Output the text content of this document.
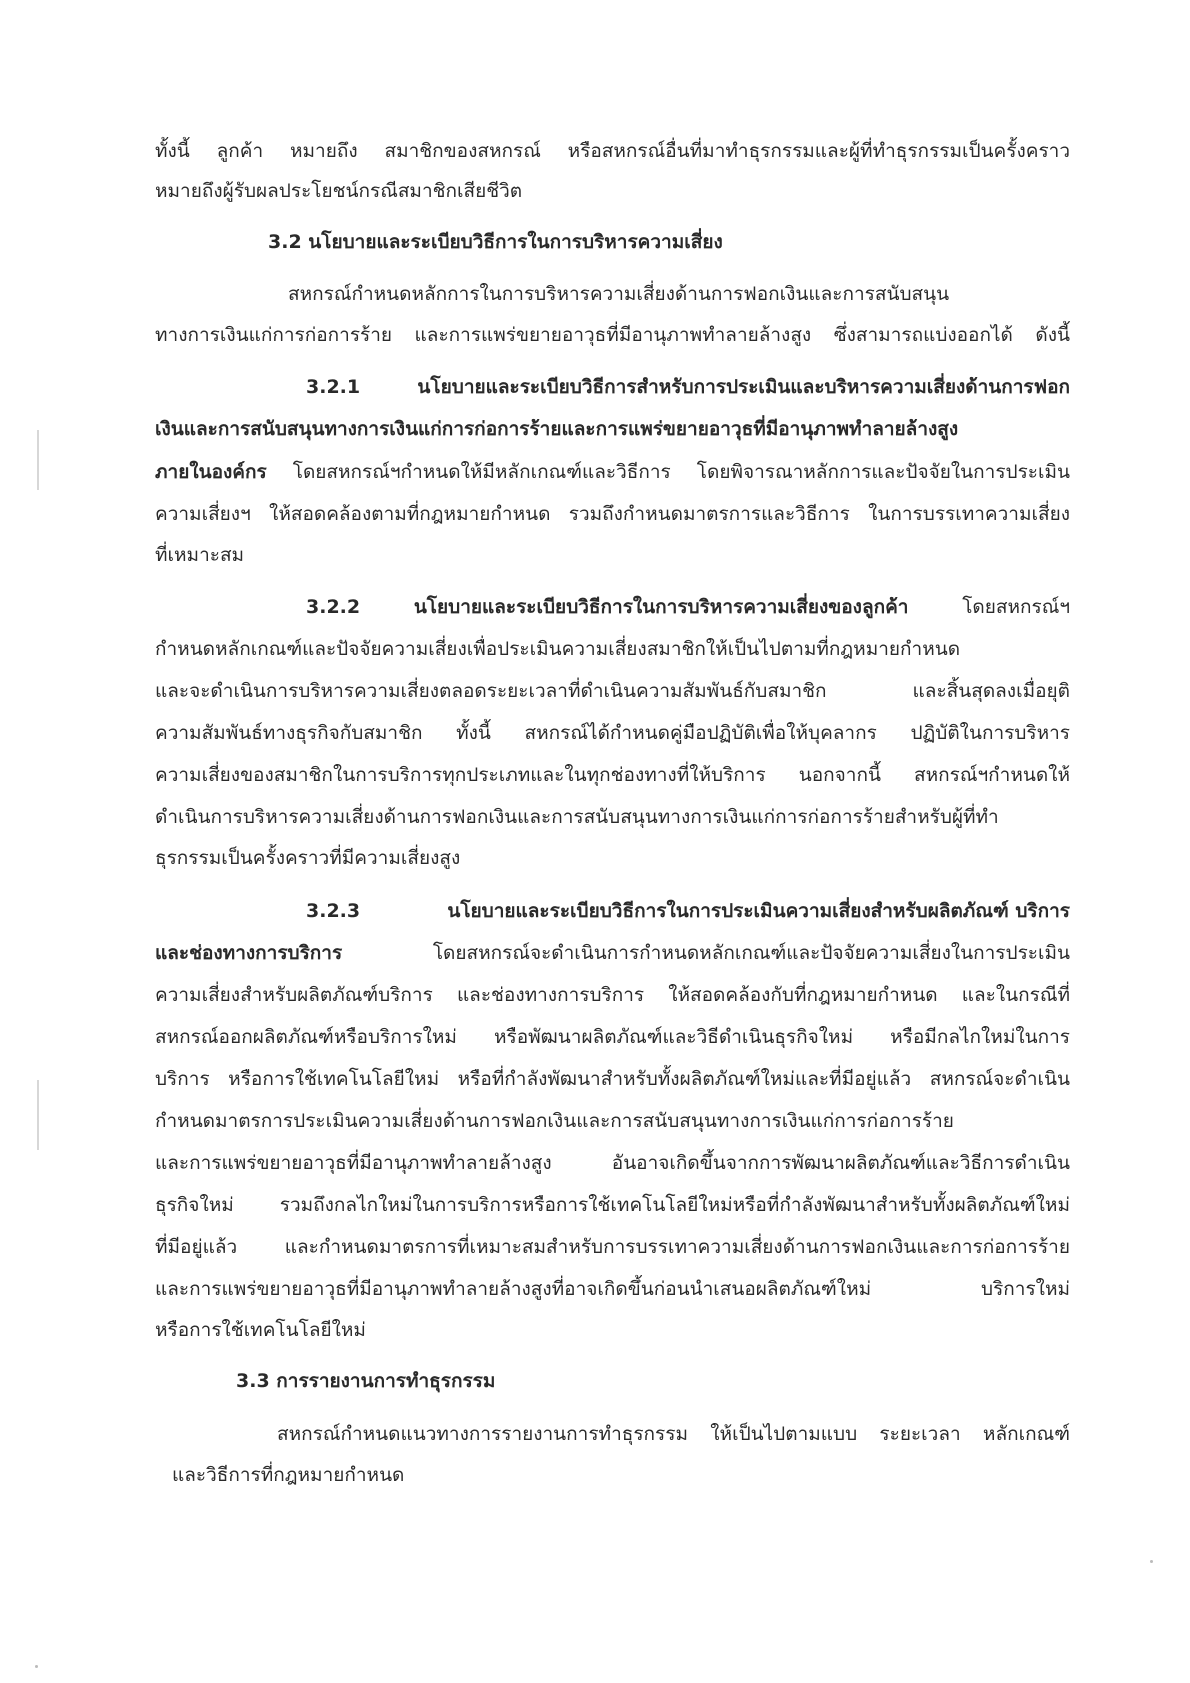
ทั้งนี้ ลูกค้า หมายถึง สมาชิกของสหกรณ์ หรือสหกรณ์อื่นที่มาทำธุรกรรมและผู้ที่ทำธุรกรรมเป็นครั้งคราว
หมายถึงผู้รับผลประโยชน์กรณีสมาชิกเสียชีวิต
3.2 นโยบายและระเบียบวิธีการในการบริหารความเสี่ยง
สหกรณ์กำหนดหลักการในการบริหารความเสี่ยงด้านการฟอกเงินและการสนับสนุน
ทางการเงินแก่การก่อการร้าย และการแพร่ขยายอาวุธที่มีอานุภาพทำลายล้างสูง ซึ่งสามารถแบ่งออกได้ ดังนี้
3.2.1 นโยบายและระเบียบวิธีการสำหรับการประเมินและบริหารความเสี่ยงด้านการฟอก
เงินและการสนับสนุนทางการเงินแก่การก่อการร้ายและการแพร่ขยายอาวุธที่มีอานุภาพทำลายล้างสูง
ภายในองค์กร โดยสหกรณ์ฯกำหนดให้มีหลักเกณฑ์และวิธีการ โดยพิจารณาหลักการและปัจจัยในการประเมิน
ความเสี่ยงฯ ให้สอดคล้องตามที่กฎหมายกำหนด รวมถึงกำหนดมาตรการและวิธีการ ในการบรรเทาความเสี่ยง
ที่เหมาะสม
3.2.2	นโยบายและระเบียบวิธีการในการบริหารความเสี่ยงของลูกค้า	โดยสหกรณ์ฯ
กำหนดหลักเกณฑ์และปัจจัยความเสี่ยงเพื่อประเมินความเสี่ยงสมาชิกให้เป็นไปตามที่กฎหมายกำหนด
และจะดำเนินการบริหารความเสี่ยงตลอดระยะเวลาที่ดำเนินความสัมพันธ์กับสมาชิก และสิ้นสุดลงเมื่อยุติ
ความสัมพันธ์ทางธุรกิจกับสมาชิก ทั้งนี้ สหกรณ์ได้กำหนดคู่มือปฏิบัติเพื่อให้บุคลากร ปฏิบัติในการบริหาร
ความเสี่ยงของสมาชิกในการบริการทุกประเภทและในทุกช่องทางที่ให้บริการ นอกจากนี้ สหกรณ์ฯกำหนดให้
ดำเนินการบริหารความเสี่ยงด้านการฟอกเงินและการสนับสนุนทางการเงินแก่การก่อการร้ายสำหรับผู้ที่ทำ
ธุรกรรมเป็นครั้งคราวที่มีความเสี่ยงสูง
3.2.3	นโยบายและระเบียบวิธีการในการประเมินความเสี่ยงสำหรับผลิตภัณฑ์ บริการ
และช่องทางการบริการ โดยสหกรณ์จะดำเนินการกำหนดหลักเกณฑ์และปัจจัยความเสี่ยงในการประเมิน
ความเสี่ยงสำหรับผลิตภัณฑ์บริการ และช่องทางการบริการ ให้สอดคล้องกับที่กฎหมายกำหนด และในกรณีที่
สหกรณ์ออกผลิตภัณฑ์หรือบริการใหม่ หรือพัฒนาผลิตภัณฑ์และวิธีดำเนินธุรกิจใหม่ หรือมีกลไกใหม่ในการ
บริการ หรือการใช้เทคโนโลยีใหม่ หรือที่กำลังพัฒนาสำหรับทั้งผลิตภัณฑ์ใหม่และที่มีอยู่แล้ว สหกรณ์จะดำเนิน
กำหนดมาตรการประเมินความเสี่ยงด้านการฟอกเงินและการสนับสนุนทางการเงินแก่การก่อการร้าย
และการแพร่ขยายอาวุธที่มีอานุภาพทำลายล้างสูง อันอาจเกิดขึ้นจากการพัฒนาผลิตภัณฑ์และวิธีการดำเนิน
ธุรกิจใหม่ รวมถึงกลไกใหม่ในการบริการหรือการใช้เทคโนโลยีใหม่หรือที่กำลังพัฒนาสำหรับทั้งผลิตภัณฑ์ใหม่
ที่มีอยู่แล้ว และกำหนดมาตรการที่เหมาะสมสำหรับการบรรเทาความเสี่ยงด้านการฟอกเงินและการก่อการร้าย
และการแพร่ขยายอาวุธที่มีอานุภาพทำลายล้างสูงที่อาจเกิดขึ้นก่อนนำเสนอผลิตภัณฑ์ใหม่ บริการใหม่
หรือการใช้เทคโนโลยีใหม่
3.3 การรายงานการทำธุรกรรม
สหกรณ์กำหนดแนวทางการรายงานการทำธุรกรรม ให้เป็นไปตามแบบ ระยะเวลา หลักเกณฑ์
และวิธีการที่กฎหมายกำหนด
